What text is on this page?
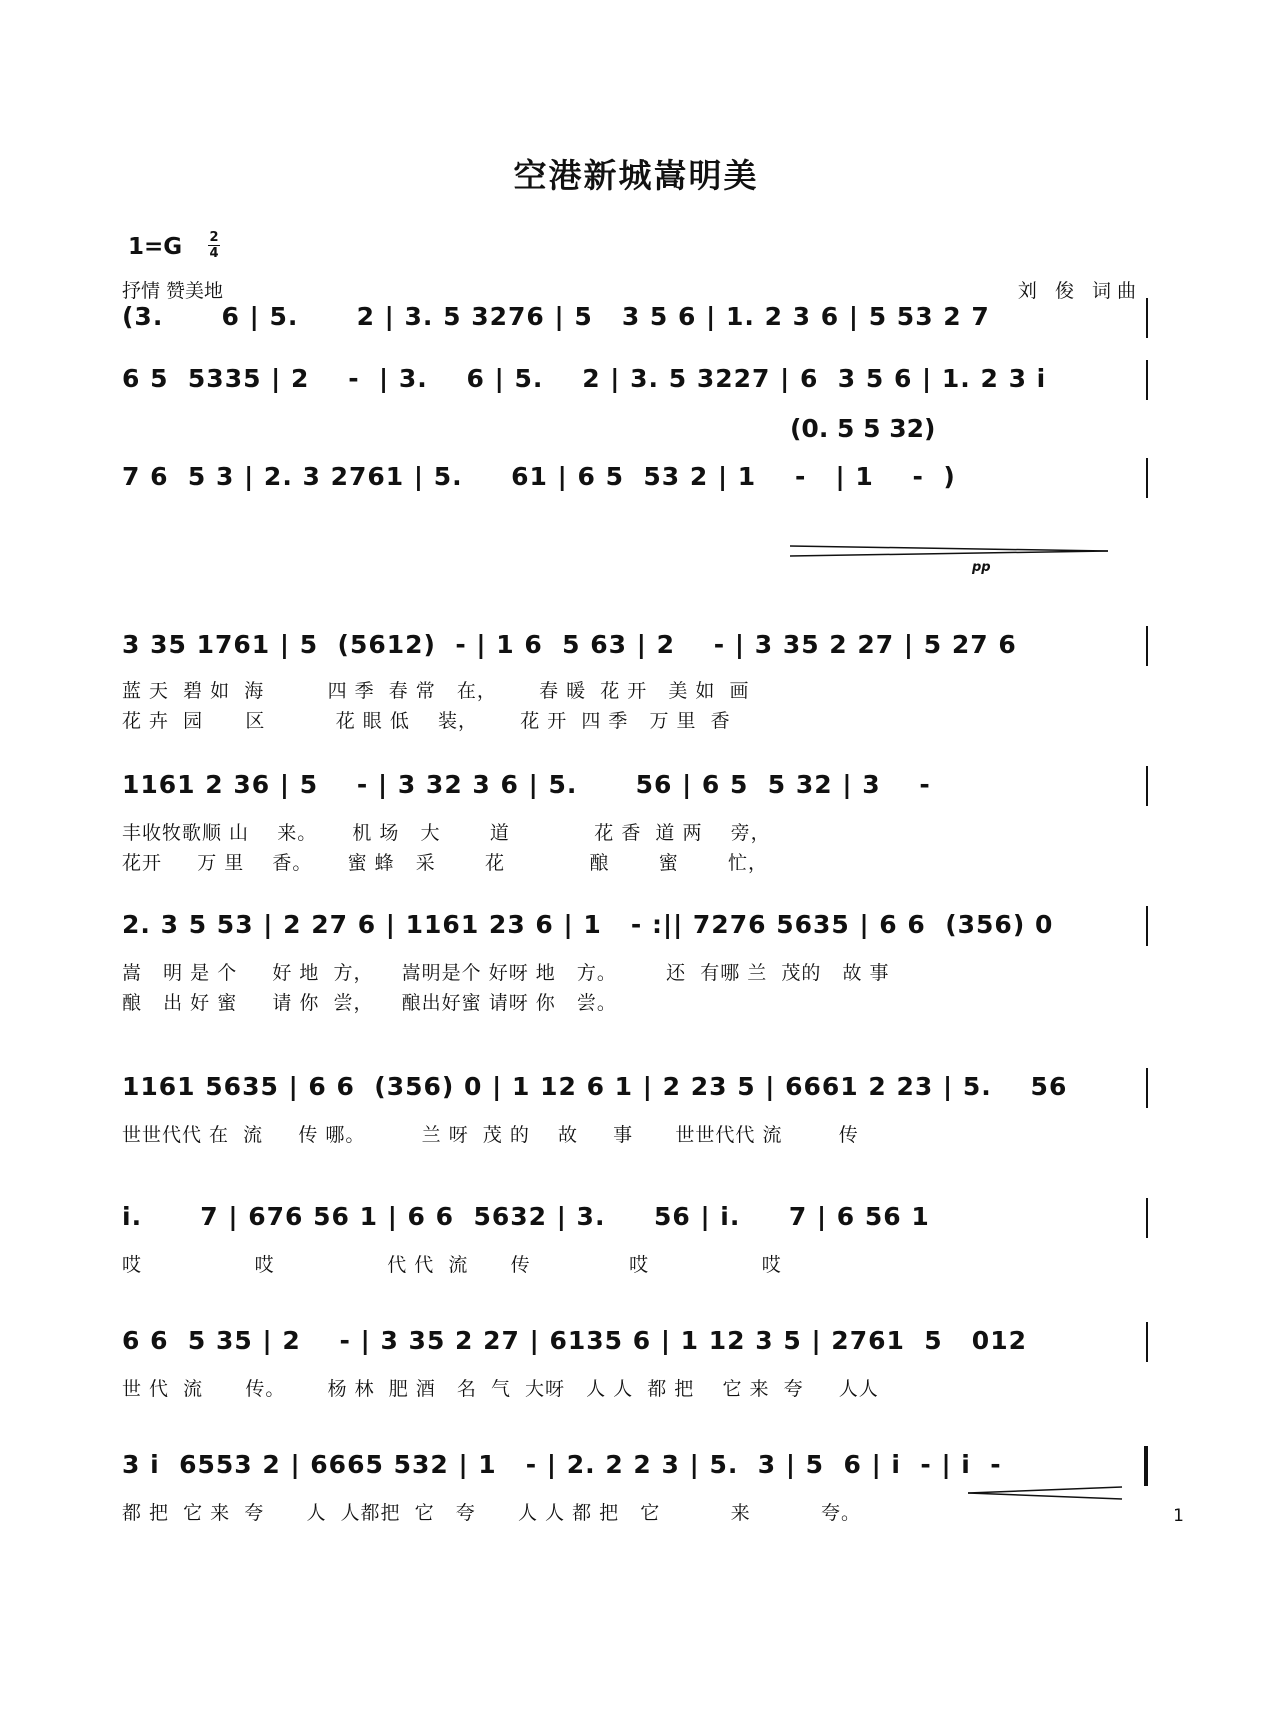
空港新城嵩明美
1=G 2
4
抒情 赞美地	刘 俊 词曲

(3.      6 | 5.      2 | 3. 5 3276 | 5   3 5 6 | 1. 2 3 6 | 5 53 2 7

6 5  5335 | 2    -  | 3.    6 | 5.    2 | 3. 5 3227 | 6  3 5 6 | 1. 2 3 i

(0. 5 5 32)

7 6  5 3 | 2. 3 2761 | 5.     61 | 6 5  53 2 | 1    -   | 1    -  )

pp

3 35 1761 | 5  (5612)  - | 1 6  5 63 | 2    - | 3 35 2 27 | 5 27 6

蓝 天  碧 如  海         四 季  春 常   在，      春 暖  花 开   美 如  画
花 卉  园      区          花 眼 低    装，      花 开  四 季   万 里  香

1161 2 36 | 5    - | 3 32 3 6 | 5.      56 | 6 5  5 32 | 3    -

丰收牧歌顺 山    来。     机 场   大       道            花 香  道 两    旁，
花开     万 里    香。     蜜 蜂   采       花            酿       蜜       忙，

2. 3 5 53 | 2 27 6 | 1161 23 6 | 1   - :|| 7276 5635 | 6 6  (356) 0

嵩   明 是 个     好 地  方，    嵩明是个 好呀 地   方。       还  有哪 兰  茂的   故 事
酿   出 好 蜜     请 你  尝，    酿出好蜜 请呀 你   尝。

1161 5635 | 6 6  (356) 0 | 1 12 6 1 | 2 23 5 | 6661 2 23 | 5.    56

世世代代 在  流     传 哪。        兰 呀  茂 的    故     事      世世代代 流        传

i.      7 | 676 56 1 | 6 6  5632 | 3.     56 | i.     7 | 6 56 1

哎                哎                代 代  流      传              哎                哎

6 6  5 35 | 2    - | 3 35 2 27 | 6135 6 | 1 12 3 5 | 2761  5   012

世 代  流      传。      杨 林  肥 酒   名  气  大呀   人 人  都 把    它 来  夸     人人

3 i  6553 2 | 6665 532 | 1   - | 2. 2 2 3 | 5.  3 | 5  6 | i  - | i  -

都 把  它 来  夸      人  人都把  它   夸      人 人 都 把   它          来          夸。	1
